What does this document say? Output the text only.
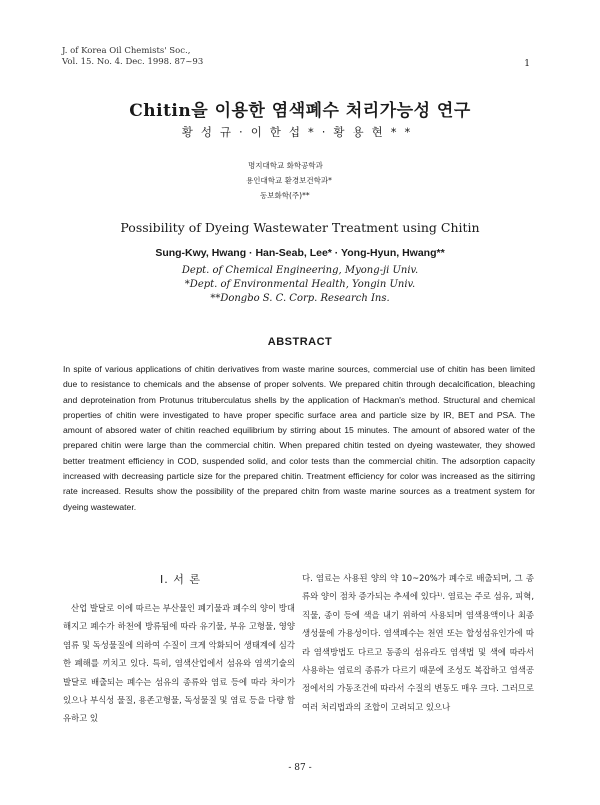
J. of Korea Oil Chemists' Soc.,
Vol. 15. No. 4. Dec. 1998. 87~93	1
Chitin을 이용한 염색폐수 처리가능성 연구
황성규·이한섭*·황용현**
명지대학교 화학공학과
용인대학교 환경보건학과*
동보화학(주)**
Possibility of Dyeing Wastewater Treatment using Chitin
Sung-Kwy, Hwang · Han-Seab, Lee* · Yong-Hyun, Hwang**
Dept. of Chemical Engineering, Myong-ji Univ.
*Dept. of Environmental Health, Yongin Univ.
**Dongbo S. C. Corp. Research Ins.
ABSTRACT
In spite of various applications of chitin derivatives from waste marine sources, commercial use of chitin has been limited due to resistance to chemicals and the absense of proper solvents. We prepared chitin through decalcification, bleaching and deproteination from Protunus trituberculatus shells by the application of Hackman's method. Structural and chemical properties of chitin were investigated to have proper specific surface area and particle size by IR, BET and PSA. The amount of absored water of chitin reached equilibrium by stirring about 15 minutes. The amount of absored water of the prepared chitin were large than the commercial chitin. When prepared chitin tested on dyeing wastewater, they showed better treatment efficiency in COD, suspended solid, and color tests than the commercial chitin. The adsorption capacity increased with decreasing particle size for the prepared chitin. Treatment efficiency for color was increased as the sitirring rate increased. Results show the possibility of the prepared chitn from waste marine sources as a treatment system for dyeing wastewater.
I. 서 론
산업 발달로 이에 따르는 부산물인 폐기물과 폐수의 양이 방대해지고 폐수가 하천에 방류됨에 따라 유기물, 부유 고형물, 영양염류 및 독성물질에 의하여 수질이 크게 악화되어 생태계에 심각한 폐해를 끼치고 있다. 특히, 염색산업에서 섬유와 염색기술의 발달로 배출되는 폐수는 섬유의 종류와 염료 등에 따라 차이가 있으나 부식성 물질, 용존고형물, 독성물질 및 염료 등을 다량 함유하고 있
다. 염료는 사용된 양의 약 10~20%가 폐수로 배출되며, 그 종류와 양이 점차 증가되는 추세에 있다¹⁾. 염료는 주로 섬유, 피혁, 직물, 종이 등에 색을 내기 위하여 사용되며 염색용액이나 최종 생성물에 가용성이다. 염색폐수는 천연 또는 합성섬유인가에 따라 염색방법도 다르고 동종의 섬유라도 염색법 및 색에 따라서 사용하는 염료의 종류가 다르기 때문에 조성도 복잡하고 염색공정에서의 가동조건에 따라서 수질의 변동도 매우 크다. 그러므로 여러 처리법과의 조합이 고려되고 있으나
- 87 -
